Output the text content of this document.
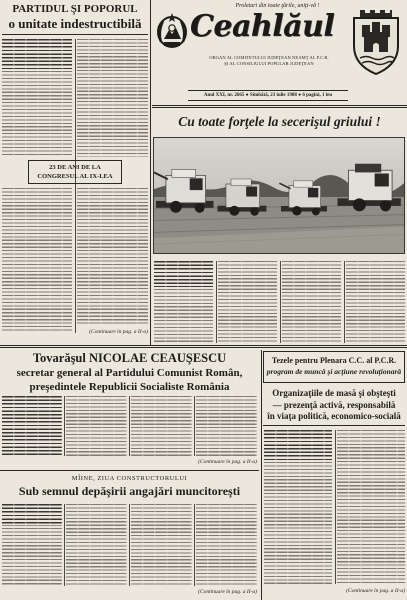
PARTIDUL ŞI POPORUL
o unitate indestructibilă
23 DE ANI DE LA
CONGRESUL AL IX-LEA
(Continuare în pag. a II-a)
Proletari din toate ţările, uniţi-vă !
Ceahlăul
ORGAN AL COMITETULUI JUDEŢEAN NEAMŢ AL P.C.R.
ŞI AL CONSILIULUI POPULAR JUDEŢEAN
Anul XXI, nr. 2665 ● Sîmbătă, 23 iulie 1988 ● 6 pagini, 1 leu
Cu toate forţele la secerişul griului !
Tovarăşul NICOLAE CEAUŞESCU
secretar general al Partidului Comunist Român,
preşedintele Republicii Socialiste România
(Continuare în pag. a II-a)
MÎINE, ZIUA CONSTRUCTORULUI
Sub semnul depăşirii angajări muncitoreşti
(Continuare în pag. a II-a)
Tezele pentru Plenara C.C. al P.C.R.
program de muncă şi acţiune revoluţionară
Organizaţiile de masă şi obşteşti
— prezenţă activă, responsabilă
în viaţa politică, economico-socială
(Continuare în pag. a II-a)
